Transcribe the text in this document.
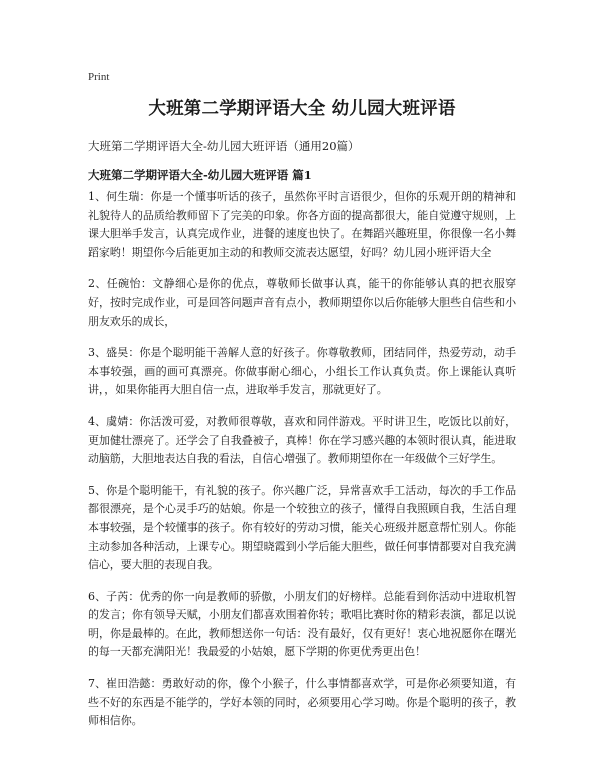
Print
大班第二学期评语大全 幼儿园大班评语
大班第二学期评语大全-幼儿园大班评语（通用20篇）
大班第二学期评语大全-幼儿园大班评语 篇1

1、何生瑞：你是一个懂事听话的孩子，虽然你平时言语很少，但你的乐观开朗的精神和礼貌待人的品质给教师留下了完美的印象。你各方面的提高都很大，能自觉遵守规则，上课大胆举手发言，认真完成作业，进餐的速度也快了。在舞蹈兴趣班里，你很像一名小舞蹈家哟！期望你今后能更加主动的和教师交流表达愿望，好吗？幼儿园小班评语大全

2、任碗怡：文静细心是你的优点，尊敬师长做事认真，能干的你能够认真的把衣服穿好，按时完成作业，可是回答问题声音有点小，教师期望你以后你能够大胆些自信些和小朋友欢乐的成长，

3、盛昊：你是个聪明能干善解人意的好孩子。你尊敬教师，团结同伴，热爱劳动，动手本事较强，画的画可真漂亮。你做事耐心细心，小组长工作认真负责。你上课能认真听讲，，如果你能再大胆自信一点，进取举手发言，那就更好了。

4、虞婧：你活泼可爱，对教师很尊敬，喜欢和同伴游戏。平时讲卫生，吃饭比以前好，更加健壮漂亮了。还学会了自我叠被子，真棒！你在学习感兴趣的本领时很认真，能进取动脑筋，大胆地表达自我的看法，自信心增强了。教师期望你在一年级做个三好学生。

5、你是个聪明能干，有礼貌的孩子。你兴趣广泛，异常喜欢手工活动，每次的手工作品都很漂亮，是个心灵手巧的姑娘。你是一个较独立的孩子，懂得自我照顾自我，生活自理本事较强，是个较懂事的孩子。你有较好的劳动习惯，能关心班级并愿意帮忙别人。你能主动参加各种活动，上课专心。期望晓霞到小学后能大胆些，做任何事情都要对自我充满信心，要大胆的表现自我。

6、子芮：优秀的你一向是教师的骄傲，小朋友们的好榜样。总能看到你活动中进取机智的发言；你有领导天赋，小朋友们都喜欢围着你转；歌唱比赛时你的精彩表演，都足以说明，你是最棒的。在此，教师想送你一句话：没有最好，仅有更好！衷心地祝愿你在曙光的每一天都充满阳光！我最爱的小姑娘，愿下学期的你更优秀更出色！

7、崔田浩懿：勇敢好动的你，像个小猴子，什么事情都喜欢学，可是你必须要知道，有些不好的东西是不能学的，学好本领的同时，必须要用心学习呦。你是个聪明的孩子，教师相信你。
